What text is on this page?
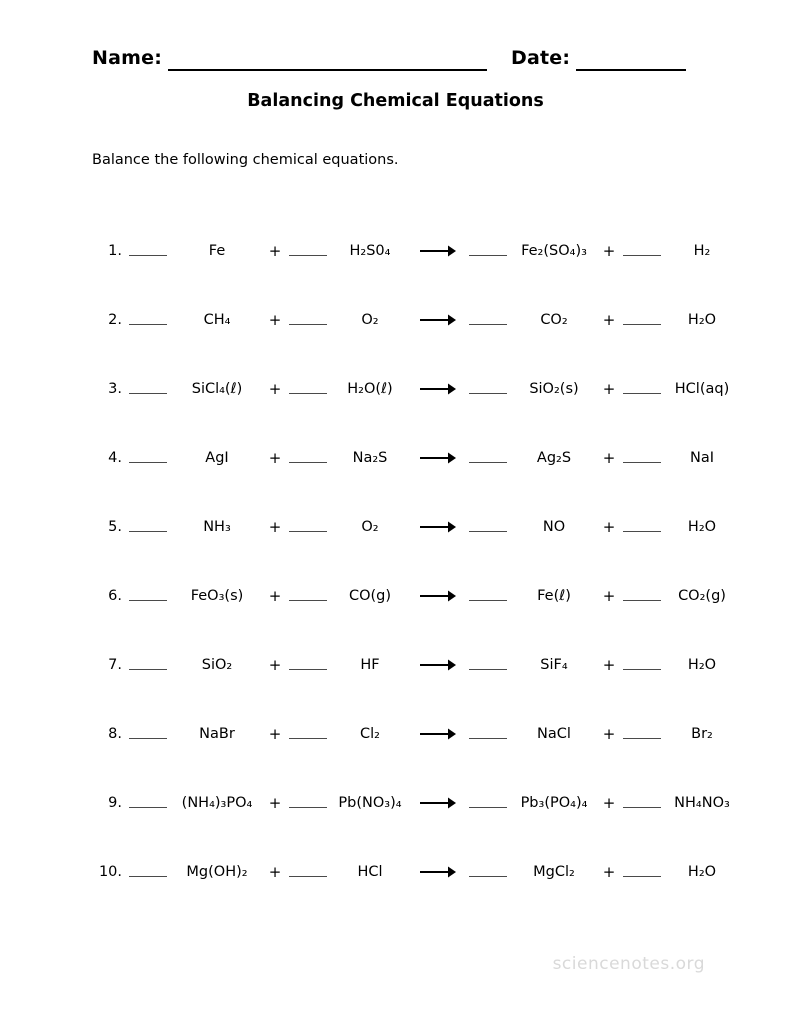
Name:	Date:
Balancing Chemical Equations
Balance the following chemical equations.
1.	Fe	+	H₂S0₄	→	Fe₂(SO₄)₃	+	H₂
2.	CH₄	+	O₂	CO₂	+	H₂O
3.	SiCl₄(ℓ)	+	H₂O(ℓ)	→	SiO₂(s)	+	HCl(aq)
4.	AgI	+	Na₂S	Ag₂S	+	NaI
5.	NH₃	+	O₂	NO	+	H₂O
6.	FeO₃(s)	+	CO(g)	→	Fe(ℓ)	+	CO₂(g)
7.	SiO₂	+	HF	SiF₄	+	H₂O
8.	NaBr	+	Cl₂	NaCl	+	Br₂
9.	(NH₄)₃PO₄	+	Pb(NO₃)₄ →	Pb₃(PO₄)₄	+	NH₄NO₃
10.	Mg(OH)₂	+	HCl	MgCl₂	+	H₂O
sciencenotes.org
